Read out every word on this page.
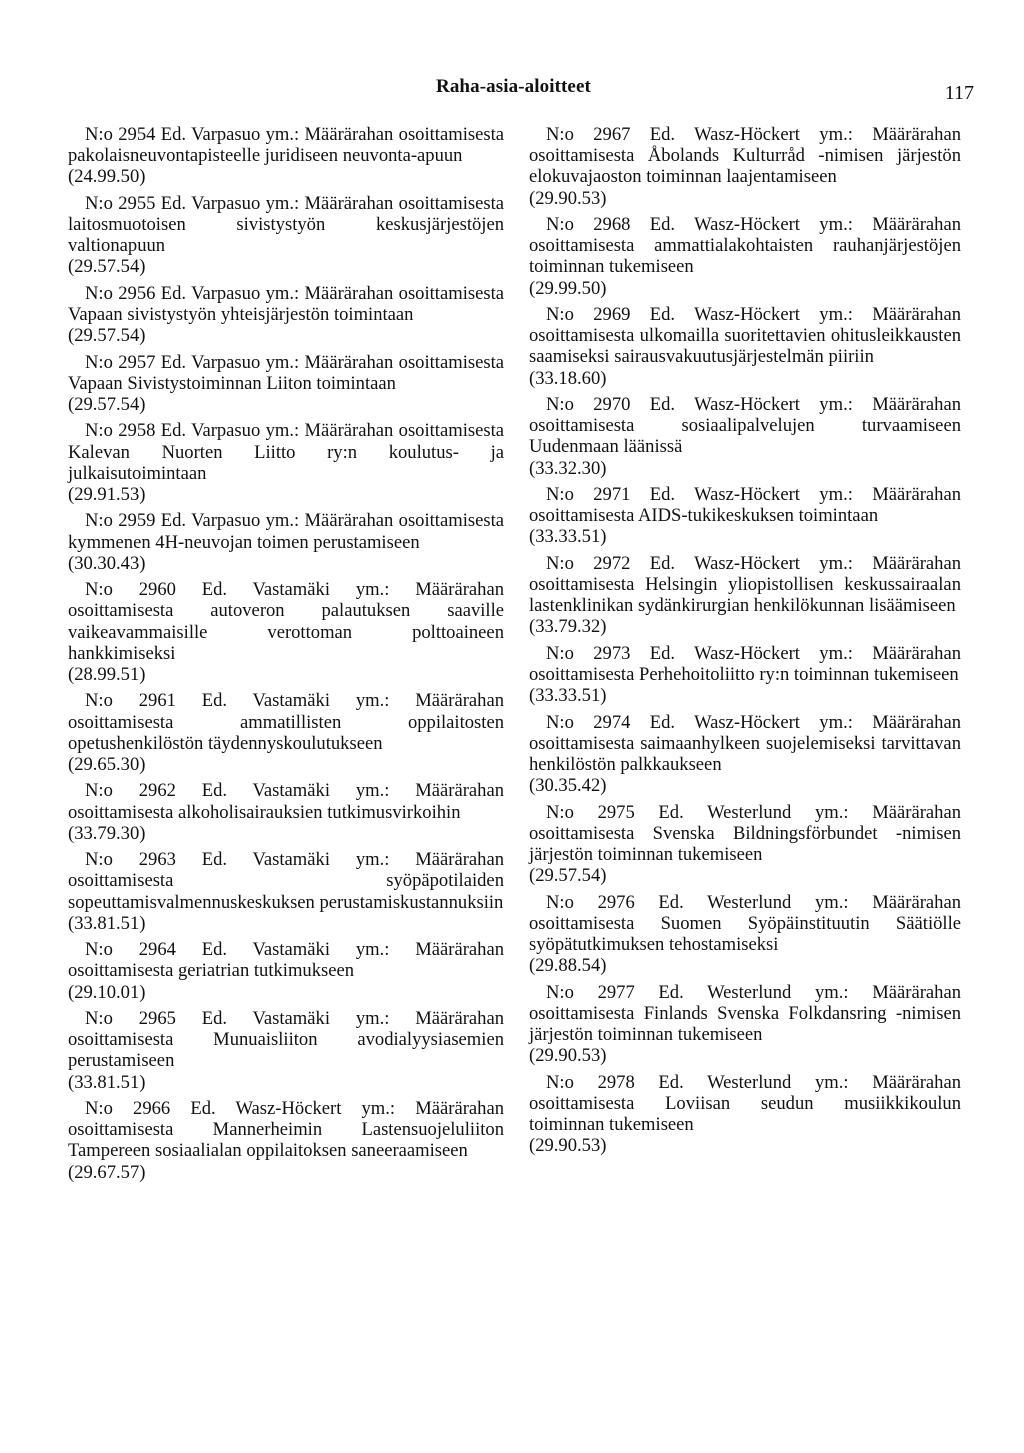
Raha-asia-aloitteet	117
N:o 2954 Ed. Varpasuo ym.: Määrärahan osoittamisesta pakolaisneuvontapisteelle juridiseen neuvonta-apuun
(24.99.50)
N:o 2955 Ed. Varpasuo ym.: Määrärahan osoittamisesta laitosmuotoisen sivistystyön keskusjärjestöjen valtionapuun
(29.57.54)
N:o 2956 Ed. Varpasuo ym.: Määrärahan osoittamisesta Vapaan sivistystyön yhteisjärjestön toimintaan
(29.57.54)
N:o 2957 Ed. Varpasuo ym.: Määrärahan osoittamisesta Vapaan Sivistystoiminnan Liiton toimintaan
(29.57.54)
N:o 2958 Ed. Varpasuo ym.: Määrärahan osoittamisesta Kalevan Nuorten Liitto ry:n koulutus- ja julkaisutoimintaan
(29.91.53)
N:o 2959 Ed. Varpasuo ym.: Määrärahan osoittamisesta kymmenen 4H-neuvojan toimen perustamiseen
(30.30.43)
N:o 2960 Ed. Vastamäki ym.: Määrärahan osoittamisesta autoveron palautuksen saaville vaikeavammaisille verottoman polttoaineen hankkimiseksi
(28.99.51)
N:o 2961 Ed. Vastamäki ym.: Määrärahan osoittamisesta ammatillisten oppilaitosten opetushenkilöstön täydennyskoulutukseen
(29.65.30)
N:o 2962 Ed. Vastamäki ym.: Määrärahan osoittamisesta alkoholisairauksien tutkimusvirkoihin
(33.79.30)
N:o 2963 Ed. Vastamäki ym.: Määrärahan osoittamisesta syöpäpotilaiden sopeuttamisvalmennuskeskuksen perustamiskustannuksiin
(33.81.51)
N:o 2964 Ed. Vastamäki ym.: Määrärahan osoittamisesta geriatrian tutkimukseen
(29.10.01)
N:o 2965 Ed. Vastamäki ym.: Määrärahan osoittamisesta Munuaisliiton avodialyysiasemien perustamiseen
(33.81.51)
N:o 2966 Ed. Wasz-Höckert ym.: Määrärahan osoittamisesta Mannerheimin Lastensuojeluliiton Tampereen sosiaalialan oppilaitoksen saneeraamiseen
(29.67.57)
N:o 2967 Ed. Wasz-Höckert ym.: Määrärahan osoittamisesta Åbolands Kulturråd -nimisen järjestön elokuvajaoston toiminnan laajentamiseen
(29.90.53)
N:o 2968 Ed. Wasz-Höckert ym.: Määrärahan osoittamisesta ammattialakohtaisten rauhanjärjestöjen toiminnan tukemiseen
(29.99.50)
N:o 2969 Ed. Wasz-Höckert ym.: Määrärahan osoittamisesta ulkomailla suoritettavien ohitusleikkausten saamiseksi sairausvakuutusjärjestelmän piiriin
(33.18.60)
N:o 2970 Ed. Wasz-Höckert ym.: Määrärahan osoittamisesta sosiaalipalvelujen turvaamiseen Uudenmaan läänissä
(33.32.30)
N:o 2971 Ed. Wasz-Höckert ym.: Määrärahan osoittamisesta AIDS-tukikeskuksen toimintaan
(33.33.51)
N:o 2972 Ed. Wasz-Höckert ym.: Määrärahan osoittamisesta Helsingin yliopistollisen keskussairaalan lastenklinikan sydänkirurgian henkilökunnan lisäämiseen
(33.79.32)
N:o 2973 Ed. Wasz-Höckert ym.: Määrärahan osoittamisesta Perhehoitoliitto ry:n toiminnan tukemiseen
(33.33.51)
N:o 2974 Ed. Wasz-Höckert ym.: Määrärahan osoittamisesta saimaanhylkeen suojelemiseksi tarvittavan henkilöstön palkkaukseen
(30.35.42)
N:o 2975 Ed. Westerlund ym.: Määrärahan osoittamisesta Svenska Bildningsförbundet -nimisen järjestön toiminnan tukemiseen
(29.57.54)
N:o 2976 Ed. Westerlund ym.: Määrärahan osoittamisesta Suomen Syöpäinstituutin Säätiölle syöpätutkimuksen tehostamiseksi
(29.88.54)
N:o 2977 Ed. Westerlund ym.: Määrärahan osoittamisesta Finlands Svenska Folkdansring -nimisen järjestön toiminnan tukemiseen
(29.90.53)
N:o 2978 Ed. Westerlund ym.: Määrärahan osoittamisesta Loviisan seudun musiikkikoulun toiminnan tukemiseen
(29.90.53)
